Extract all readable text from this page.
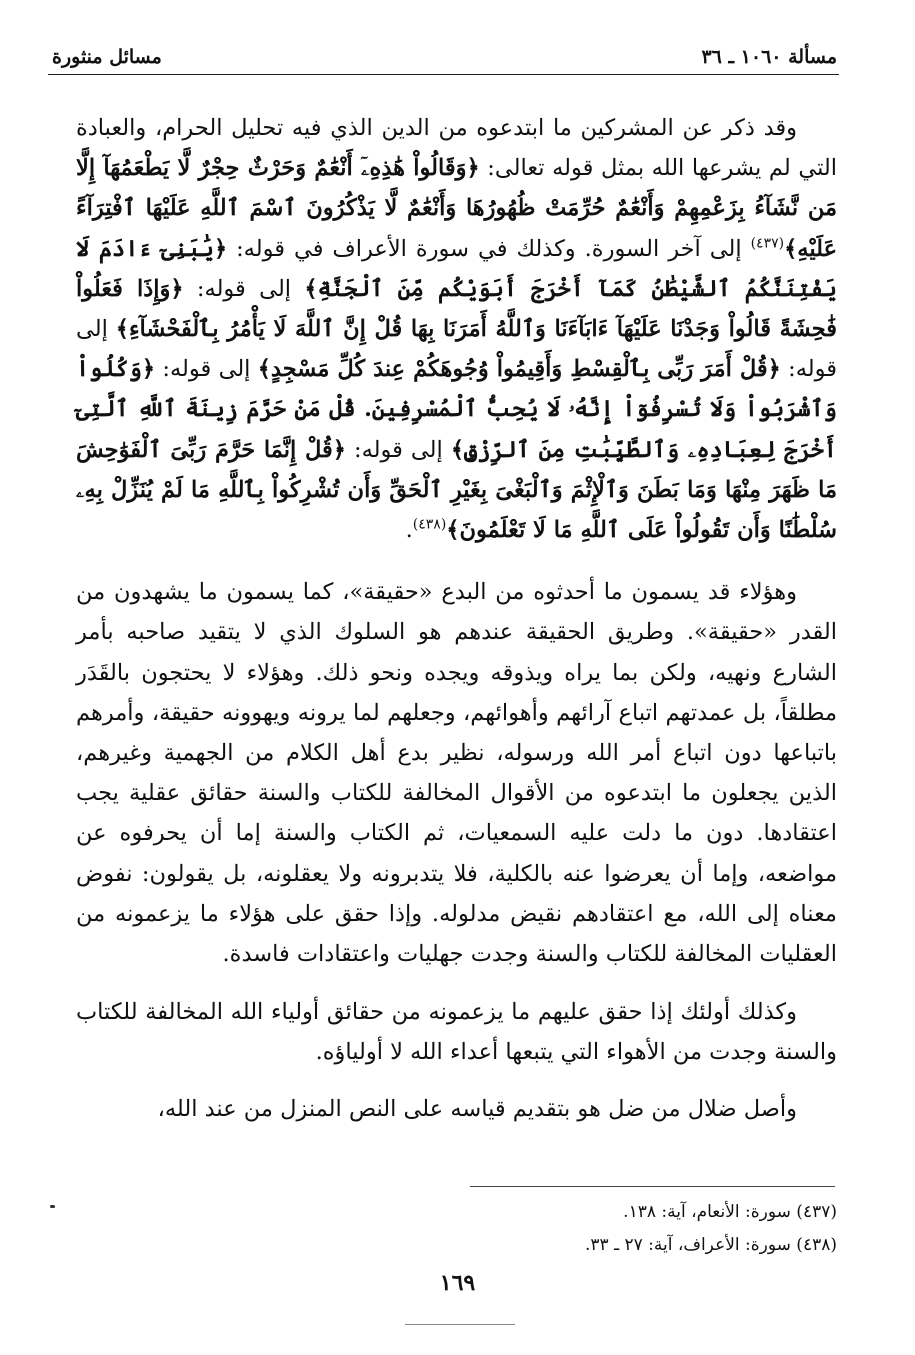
مسألة ١٠٦٠ ـ ٣٦
مسائل منثورة

وقد ذكر عن المشركين ما ابتدعوه من الدين الذي فيه تحليل الحرام، والعبادة التي لم يشرعها الله بمثل قوله تعالى: ﴿وَقَالُواْ هَٰذِهِۦٓ أَنْعَٰمٌ وَحَرْثٌ حِجْرٌ لَّا يَطْعَمُهَآ إِلَّا مَن نَّشَآءُ بِزَعْمِهِمْ وَأَنْعَٰمٌ حُرِّمَتْ ظُهُورُهَا وَأَنْعَٰمٌ لَّا يَذْكُرُونَ ٱسْمَ ٱللَّهِ عَلَيْهَا ٱفْتِرَآءً عَلَيْهِ﴾$^{(٤٣٧)}$ إلى آخر السورة. وكذلك في سورة الأعراف في قوله: ﴿يَٰبَنِىٓ ءَادَمَ لَا يَفْتِنَنَّكُمُ ٱلشَّيْطَٰنُ كَمَآ أَخْرَجَ أَبَوَيْكُم مِّنَ ٱلْجَنَّةِ﴾ إلى قوله: ﴿وَإِذَا فَعَلُواْ فَٰحِشَةً قَالُواْ وَجَدْنَا عَلَيْهَآ ءَابَآءَنَا وَٱللَّهُ أَمَرَنَا بِهَا قُلْ إِنَّ ٱللَّهَ لَا يَأْمُرُ بِٱلْفَحْشَآءِ﴾ إلى قوله: ﴿قُلْ أَمَرَ رَبِّى بِٱلْقِسْطِ وَأَقِيمُواْ وُجُوهَكُمْ عِندَ كُلِّ مَسْجِدٍ﴾ إلى قوله: ﴿وَكُلُواْ وَٱشْرَبُواْ وَلَا تُسْرِفُوٓاْ إِنَّهُۥ لَا يُحِبُّ ٱلْمُسْرِفِينَ. قُلْ مَنْ حَرَّمَ زِينَةَ ٱللَّهِ ٱلَّتِىٓ أَخْرَجَ لِعِبَادِهِۦ وَٱلطَّيِّبَٰتِ مِنَ ٱلرِّزْقِ﴾ إلى قوله: ﴿قُلْ إِنَّمَا حَرَّمَ رَبِّىَ ٱلْفَوَٰحِشَ مَا ظَهَرَ مِنْهَا وَمَا بَطَنَ وَٱلْإِثْمَ وَٱلْبَغْىَ بِغَيْرِ ٱلْحَقِّ وَأَن تُشْرِكُواْ بِٱللَّهِ مَا لَمْ يُنَزِّلْ بِهِۦ سُلْطَٰنًا وَأَن تَقُولُواْ عَلَى ٱللَّهِ مَا لَا تَعْلَمُونَ﴾$^{(٤٣٨)}$.

وهؤلاء قد يسمون ما أحدثوه من البدع «حقيقة»، كما يسمون ما يشهدون من القدر «حقيقة». وطريق الحقيقة عندهم هو السلوك الذي لا يتقيد صاحبه بأمر الشارع ونهيه، ولكن بما يراه ويذوقه ويجده ونحو ذلك. وهؤلاء لا يحتجون بالقَدَر مطلقاً، بل عمدتهم اتباع آرائهم وأهوائهم، وجعلهم لما يرونه ويهوونه حقيقة، وأمرهم باتباعها دون اتباع أمر الله ورسوله، نظير بدع أهل الكلام من الجهمية وغيرهم، الذين يجعلون ما ابتدعوه من الأقوال المخالفة للكتاب والسنة حقائق عقلية يجب اعتقادها. دون ما دلت عليه السمعيات، ثم الكتاب والسنة إما أن يحرفوه عن مواضعه، وإما أن يعرضوا عنه بالكلية، فلا يتدبرونه ولا يعقلونه، بل يقولون: نفوض معناه إلى الله، مع اعتقادهم نقيض مدلوله. وإذا حقق على هؤلاء ما يزعمونه من العقليات المخالفة للكتاب والسنة وجدت جهليات واعتقادات فاسدة.

وكذلك أولئك إذا حقق عليهم ما يزعمونه من حقائق أولياء الله المخالفة للكتاب والسنة وجدت من الأهواء التي يتبعها أعداء الله لا أولياؤه.

وأصل ضلال من ضل هو بتقديم قياسه على النص المنزل من عند الله،

(٤٣٧) سورة: الأنعام، آية: ١٣٨.

(٤٣٨) سورة: الأعراف، آية: ٢٧ ـ ٣٣.

١٦٩
